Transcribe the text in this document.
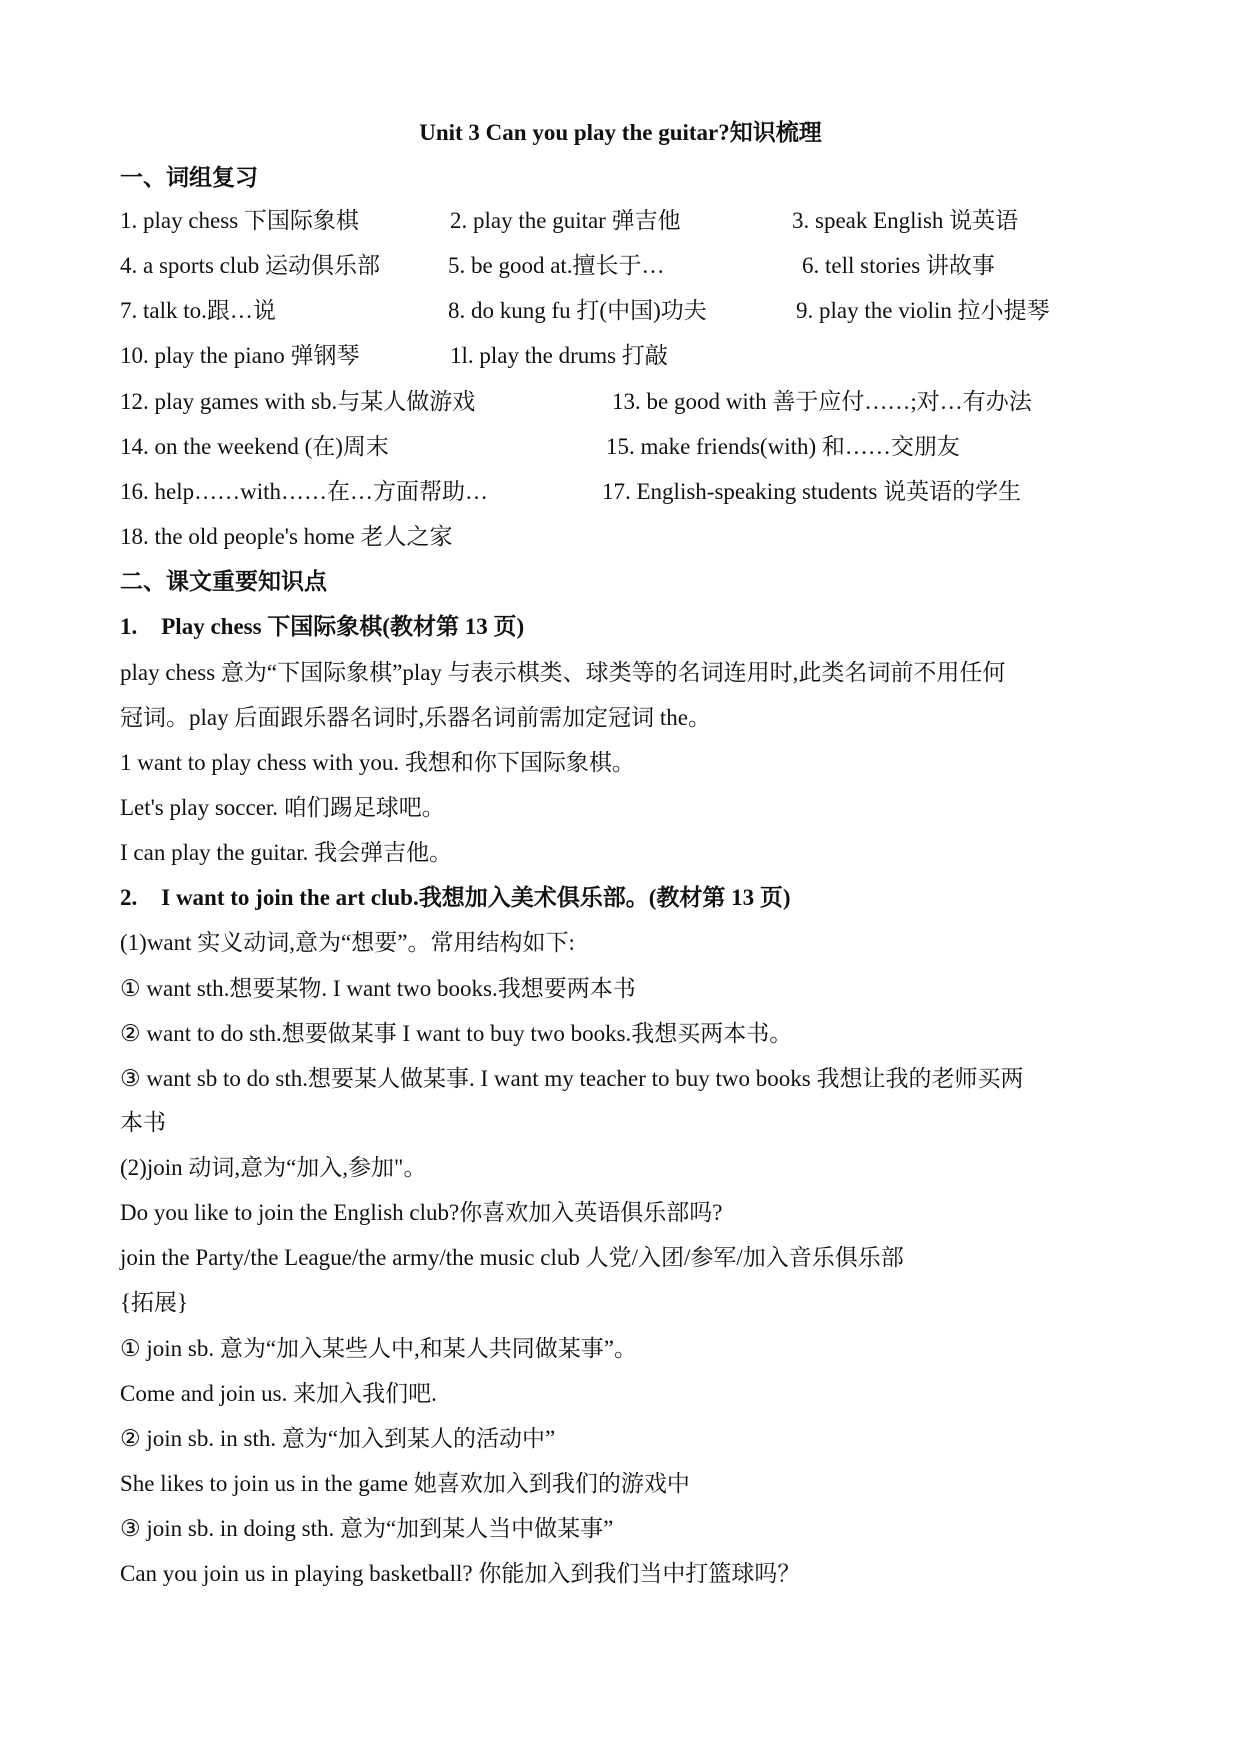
Unit 3 Can you play the guitar?知识梳理
一、词组复习
1. play chess 下国际象棋	2. play the guitar 弹吉他	3. speak English 说英语
4. a sports club 运动俱乐部	5. be good at.擅长于…	6. tell stories 讲故事
7. talk to.跟…说	8. do kung fu 打(中国)功夫	9. play the violin 拉小提琴
10. play the piano 弹钢琴	1l. play the drums 打敲
12. play games with sb.与某人做游戏	13. be good with 善于应付……;对…有办法
14. on the weekend (在)周末	15. make friends(with) 和……交朋友
16. help……with……在…方面帮助…	17. English-speaking students 说英语的学生
18. the old people's home 老人之家
二、课文重要知识点
1. Play chess 下国际象棋(教材第 13 页)
play chess 意为“下国际象棋”play 与表示棋类、球类等的名词连用时,此类名词前不用任何
冠词。play 后面跟乐器名词时,乐器名词前需加定冠词 the。
1 want to play chess with you. 我想和你下国际象棋。
Let's play soccer. 咱们踢足球吧。
I can play the guitar. 我会弹吉他。
2. I want to join the art club.我想加入美术俱乐部。(教材第 13 页)
(1)want 实义动词,意为“想要”。常用结构如下:
① want sth.想要某物. I want two books.我想要两本书
② want to do sth.想要做某事 I want to buy two books.我想买两本书。
③ want sb to do sth.想要某人做某事. I want my teacher to buy two books 我想让我的老师买两
本书
(2)join 动词,意为“加入,参加"。
Do you like to join the English club?你喜欢加入英语俱乐部吗?
join the Party/the League/the army/the music club 人党/入团/参军/加入音乐俱乐部
{拓展}
① join sb. 意为“加入某些人中,和某人共同做某事”。
Come and join us. 来加入我们吧.
② join sb. in sth. 意为“加入到某人的活动中”
She likes to join us in the game 她喜欢加入到我们的游戏中
③ join sb. in doing sth. 意为“加到某人当中做某事”
Can you join us in playing basketball? 你能加入到我们当中打篮球吗？
